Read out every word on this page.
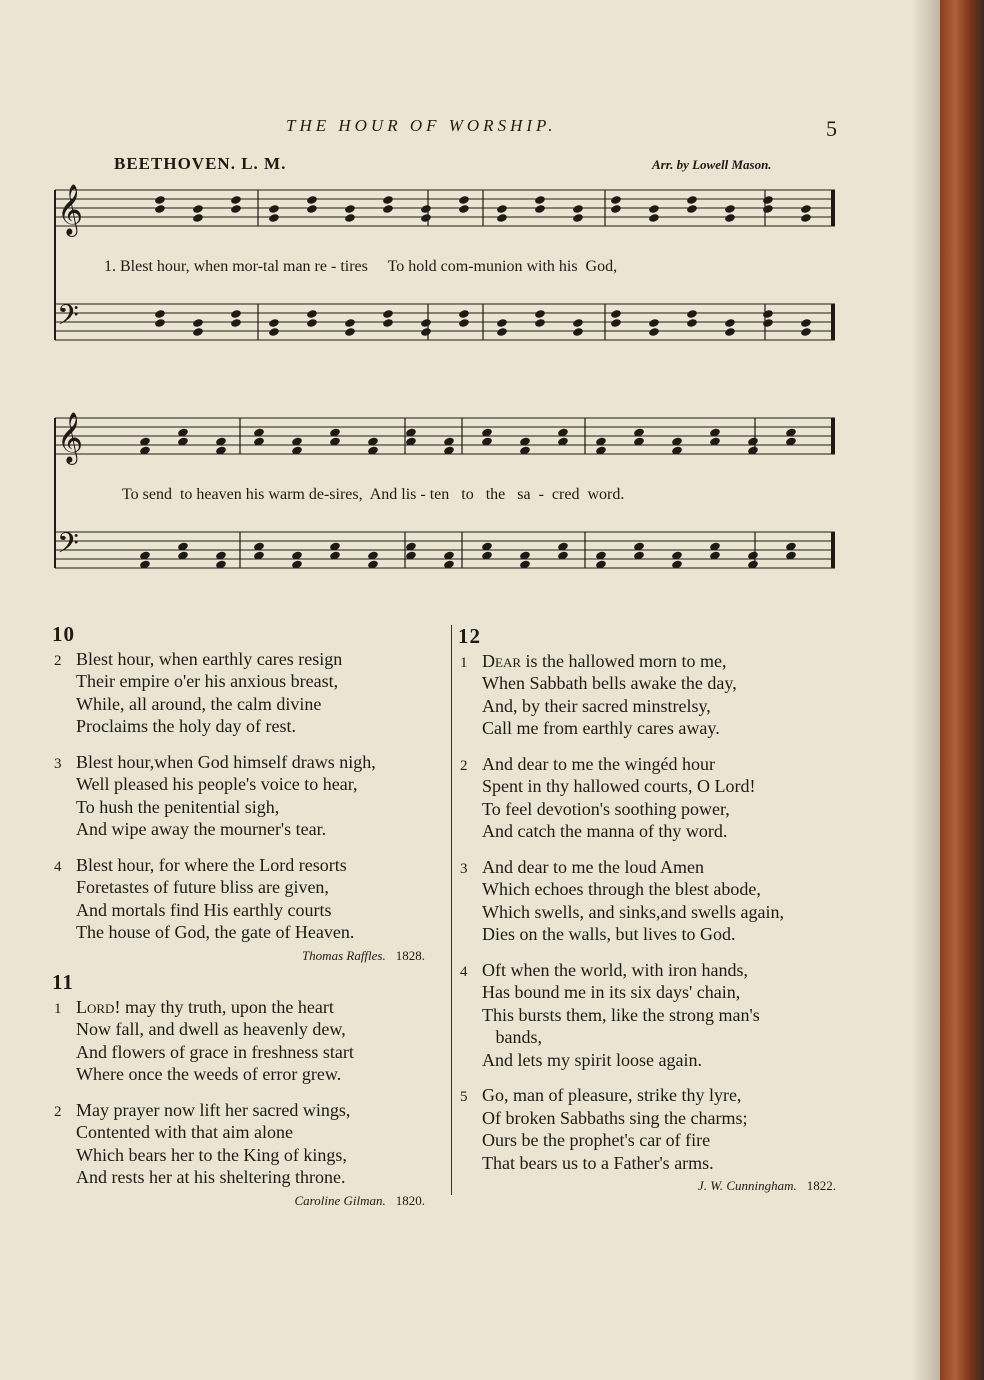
THE HOUR OF WORSHIP.	5
BEETHOVEN. L. M.	Arr. by Lowell Mason.
𝄞
𝄢
𝄞
𝄢
1. Blest hour, when mor-tal man re - tires     To hold com-munion with his  God,
To send  to heaven his warm de-sires,  And lis - ten   to   the   sa  -  cred  word.
10
2 Blest hour, when earthly cares resign
Their empire o'er his anxious breast,
While, all around, the calm divine
Proclaims the holy day of rest.
3 Blest hour,when God himself draws nigh,
Well pleased his people's voice to hear,
To hush the penitential sigh,
And wipe away the mourner's tear.
4 Blest hour, for where the Lord resorts
Foretastes of future bliss are given,
And mortals find His earthly courts
The house of God, the gate of Heaven.
Thomas Raffles. 1828.
11
1 Lord! may thy truth, upon the heart
Now fall, and dwell as heavenly dew,
And flowers of grace in freshness start
Where once the weeds of error grew.
2 May prayer now lift her sacred wings,
Contented with that aim alone
Which bears her to the King of kings,
And rests her at his sheltering throne.
Caroline Gilman. 1820.
12
1 Dear is the hallowed morn to me,
When Sabbath bells awake the day,
And, by their sacred minstrelsy,
Call me from earthly cares away.
2 And dear to me the wingéd hour
Spent in thy hallowed courts, O Lord!
To feel devotion's soothing power,
And catch the manna of thy word.
3 And dear to me the loud Amen
Which echoes through the blest abode,
Which swells, and sinks,and swells again,
Dies on the walls, but lives to God.
4 Oft when the world, with iron hands,
Has bound me in its six days' chain,
This bursts them, like the strong man's
bands,
And lets my spirit loose again.
5 Go, man of pleasure, strike thy lyre,
Of broken Sabbaths sing the charms;
Ours be the prophet's car of fire
That bears us to a Father's arms.
J. W. Cunningham. 1822.
